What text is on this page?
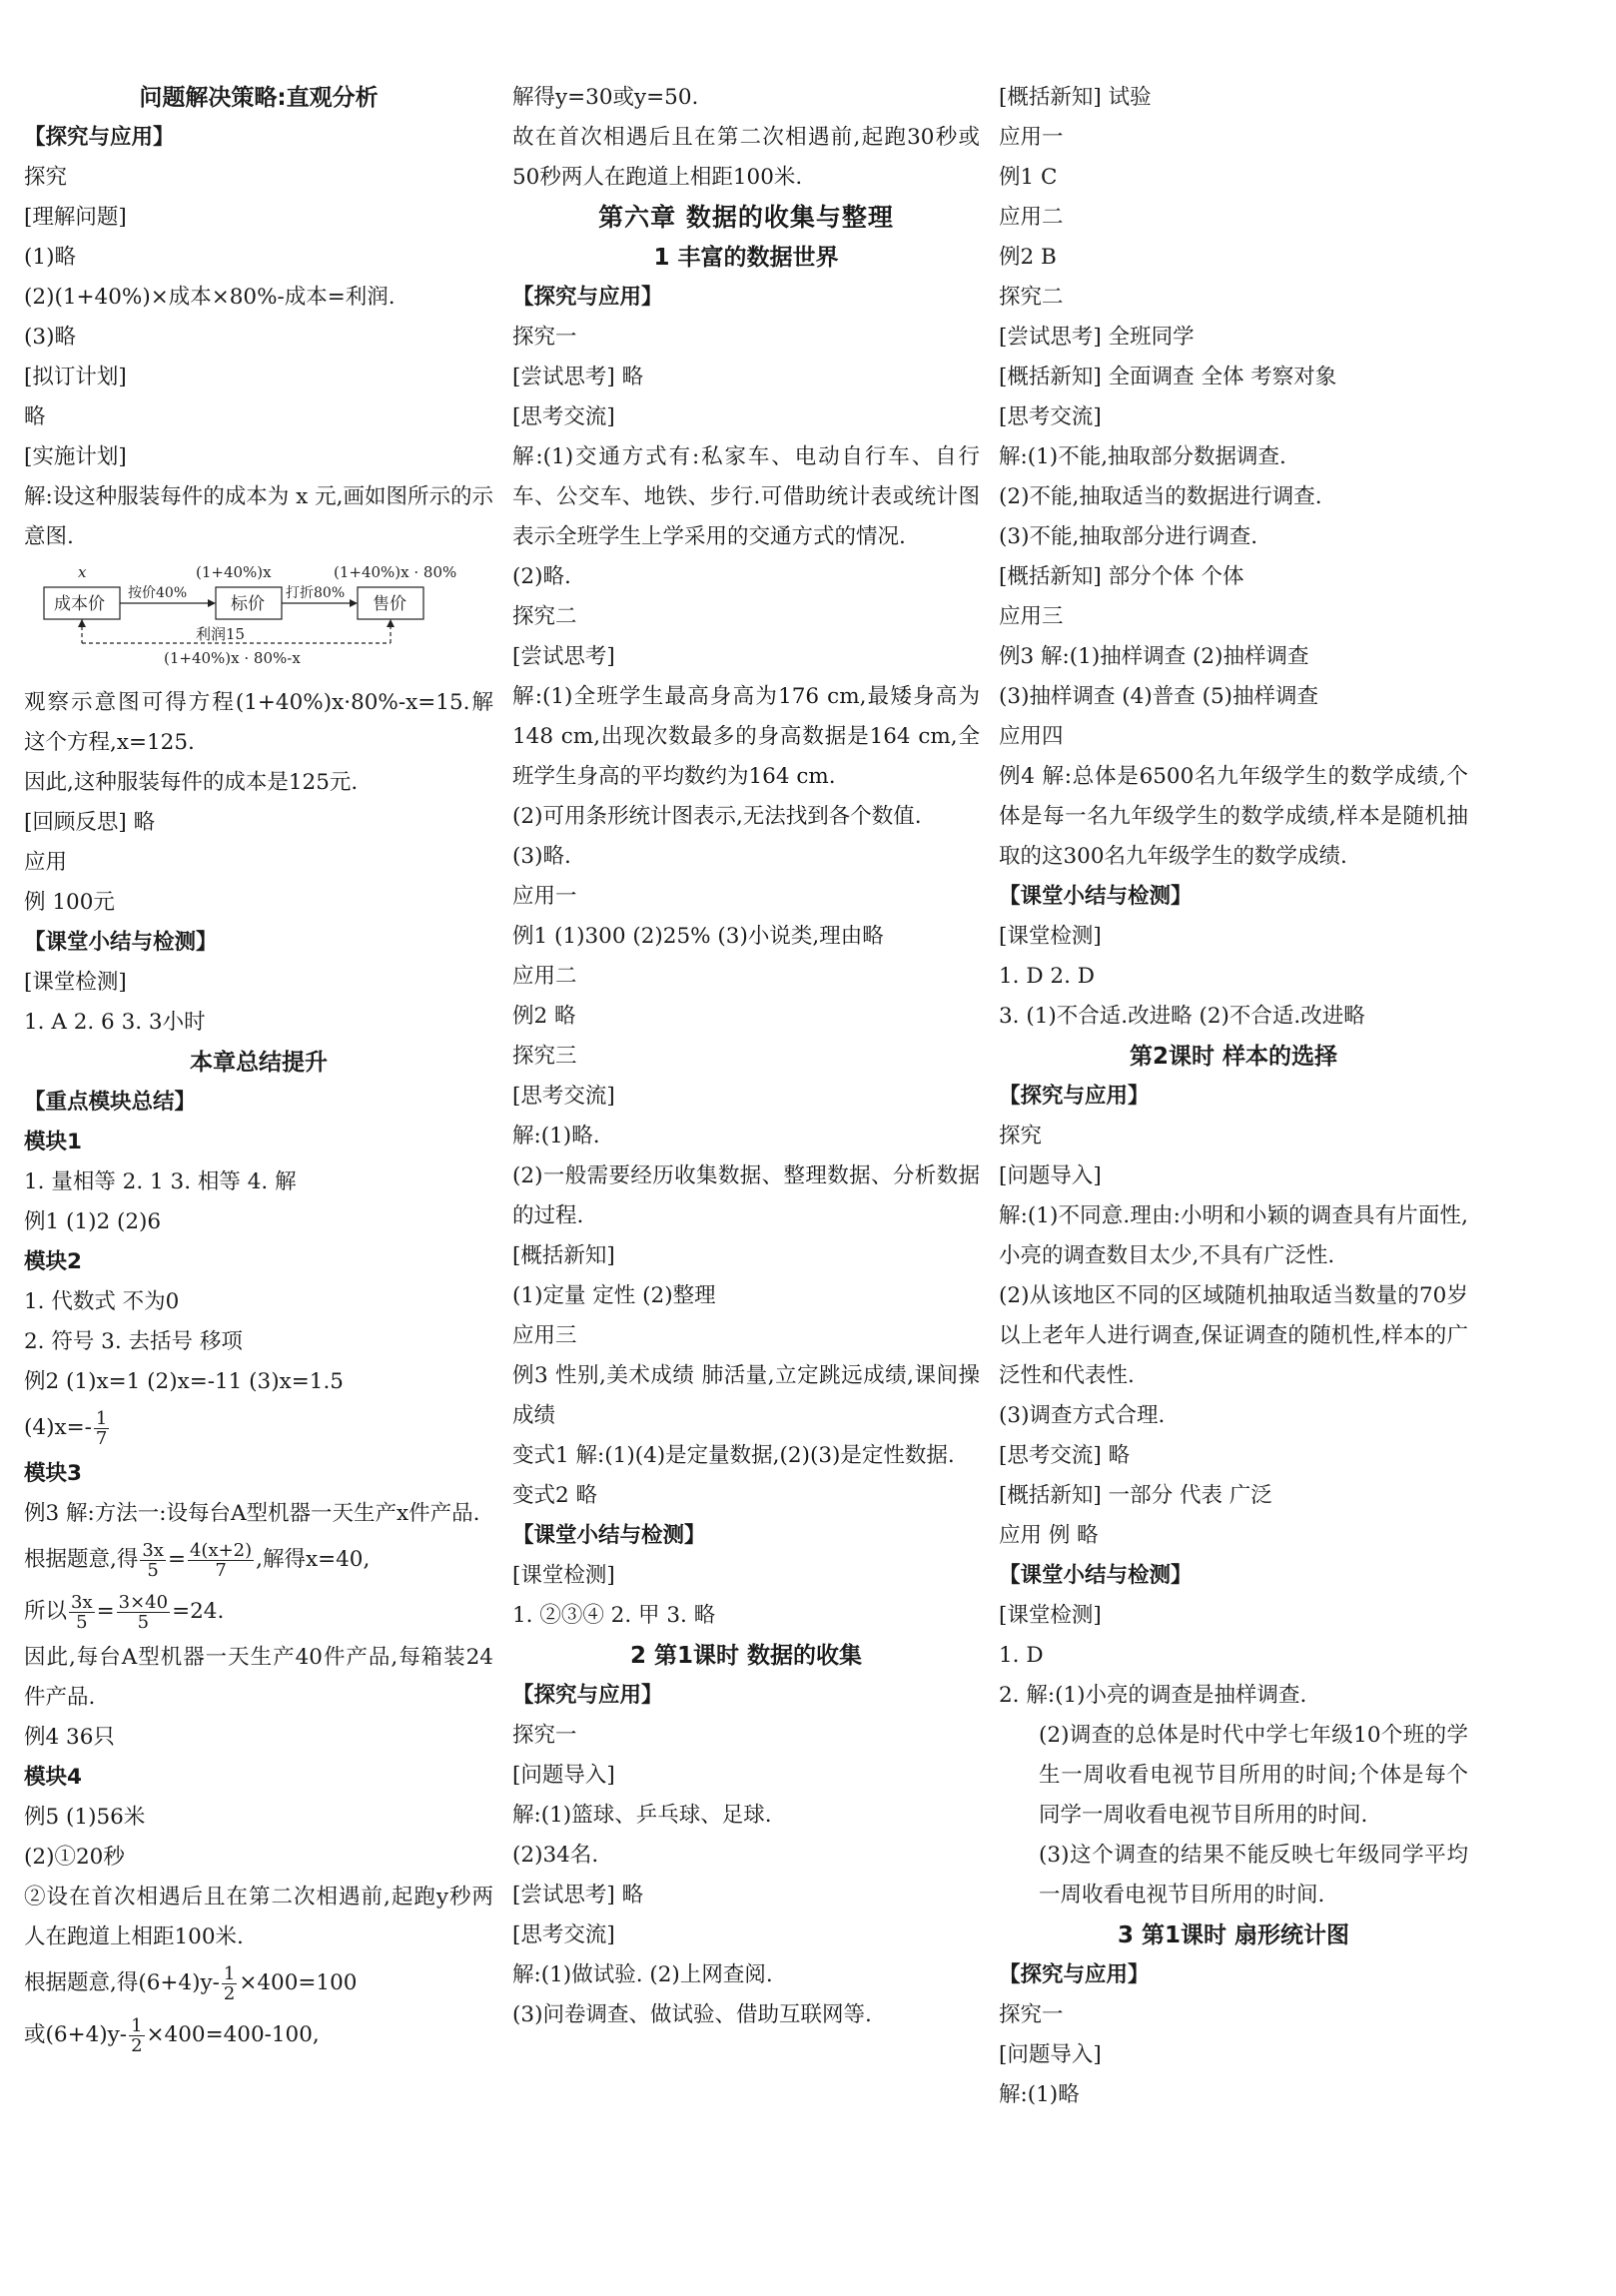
问题解决策略:直观分析

【探究与应用】

探究

[理解问题]

(1)略

(2)(1+40%)×成本×80%-成本=利润.

(3)略

[拟订计划]

略

[实施计划]

解:设这种服装每件的成本为 x 元,画如图所示的示意图.

x	(1+40%)x	(1+40%)x · 80%
成本价	标价	售价
按价40%	打折80%
利润15
(1+40%)x · 80%-x

观察示意图可得方程(1+40%)x·80%-x=15.解这个方程,x=125.

因此,这种服装每件的成本是125元.

[回顾反思] 略

应用

例 100元

【课堂小结与检测】

[课堂检测]

1. A 2. 6 3. 3小时

本章总结提升

【重点模块总结】

模块1

1. 量相等 2. 1 3. 相等 4. 解

例1 (1)2 (2)6

模块2

1. 代数式 不为0

2. 符号 3. 去括号 移项

例2 (1)x=1 (2)x=-11 (3)x=1.5

$(4)x=- \frac{1}{7}$

模块3

例3 解:方法一:设每台A型机器一天生产x件产品.

根据题意,得 $\frac{3x}{5} = \frac{4(x+2)}{7}$ ,解得x=40,

所以 $\frac{3x}{5} = \frac{3\times 40}{5} =24$.

因此,每台A型机器一天生产40件产品,每箱装24件产品.

例4 36只

模块4

例5 (1)56米

(2)①20秒

②设在首次相遇后且在第二次相遇前,起跑y秒两人在跑道上相距100米.

根据题意,得$(6+4)y- \frac{1}{2} \times 400=100$

或$(6+4)y- \frac{1}{2} \times 400=400-100$,

解得y=30或y=50.

故在首次相遇后且在第二次相遇前,起跑30秒或50秒两人在跑道上相距100米.

第六章 数据的收集与整理

1 丰富的数据世界

【探究与应用】

探究一

[尝试思考] 略

[思考交流]

解:(1)交通方式有:私家车、电动自行车、自行车、公交车、地铁、步行.可借助统计表或统计图表示全班学生上学采用的交通方式的情况.

(2)略.

探究二

[尝试思考]

解:(1)全班学生最高身高为176 cm,最矮身高为148 cm,出现次数最多的身高数据是164 cm,全班学生身高的平均数约为164 cm.

(2)可用条形统计图表示,无法找到各个数值.

(3)略.

应用一

例1 (1)300 (2)25% (3)小说类,理由略

应用二

例2 略

探究三

[思考交流]

解:(1)略.

(2)一般需要经历收集数据、整理数据、分析数据的过程.

[概括新知]

(1)定量 定性 (2)整理

应用三

例3 性别,美术成绩 肺活量,立定跳远成绩,课间操成绩

变式1 解:(1)(4)是定量数据,(2)(3)是定性数据.

变式2 略

【课堂小结与检测】

[课堂检测]

1. ②③④ 2. 甲 3. 略

2 第1课时 数据的收集

【探究与应用】

探究一

[问题导入]

解:(1)篮球、乒乓球、足球.

(2)34名.

[尝试思考] 略

[思考交流]

解:(1)做试验. (2)上网查阅.

(3)问卷调查、做试验、借助互联网等.

[概括新知] 试验

应用一

例1 C

应用二

例2 B

探究二

[尝试思考] 全班同学

[概括新知] 全面调查 全体 考察对象

[思考交流]

解:(1)不能,抽取部分数据调查.

(2)不能,抽取适当的数据进行调查.

(3)不能,抽取部分进行调查.

[概括新知] 部分个体 个体

应用三

例3 解:(1)抽样调查 (2)抽样调查

(3)抽样调查 (4)普查 (5)抽样调查

应用四

例4 解:总体是6500名九年级学生的数学成绩,个体是每一名九年级学生的数学成绩,样本是随机抽取的这300名九年级学生的数学成绩.

【课堂小结与检测】

[课堂检测]

1. D 2. D

3. (1)不合适.改进略 (2)不合适.改进略

第2课时 样本的选择

【探究与应用】

探究

[问题导入]

解:(1)不同意.理由:小明和小颖的调查具有片面性,小亮的调查数目太少,不具有广泛性.

(2)从该地区不同的区域随机抽取适当数量的70岁以上老年人进行调查,保证调查的随机性,样本的广泛性和代表性.

(3)调查方式合理.

[思考交流] 略

[概括新知] 一部分 代表 广泛

应用 例 略

【课堂小结与检测】

[课堂检测]

1. D

2. 解:(1)小亮的调查是抽样调查.

(2)调查的总体是时代中学七年级10个班的学生一周收看电视节目所用的时间;个体是每个同学一周收看电视节目所用的时间.

(3)这个调查的结果不能反映七年级同学平均一周收看电视节目所用的时间.

3 第1课时 扇形统计图

【探究与应用】

探究一

[问题导入]

解:(1)略
